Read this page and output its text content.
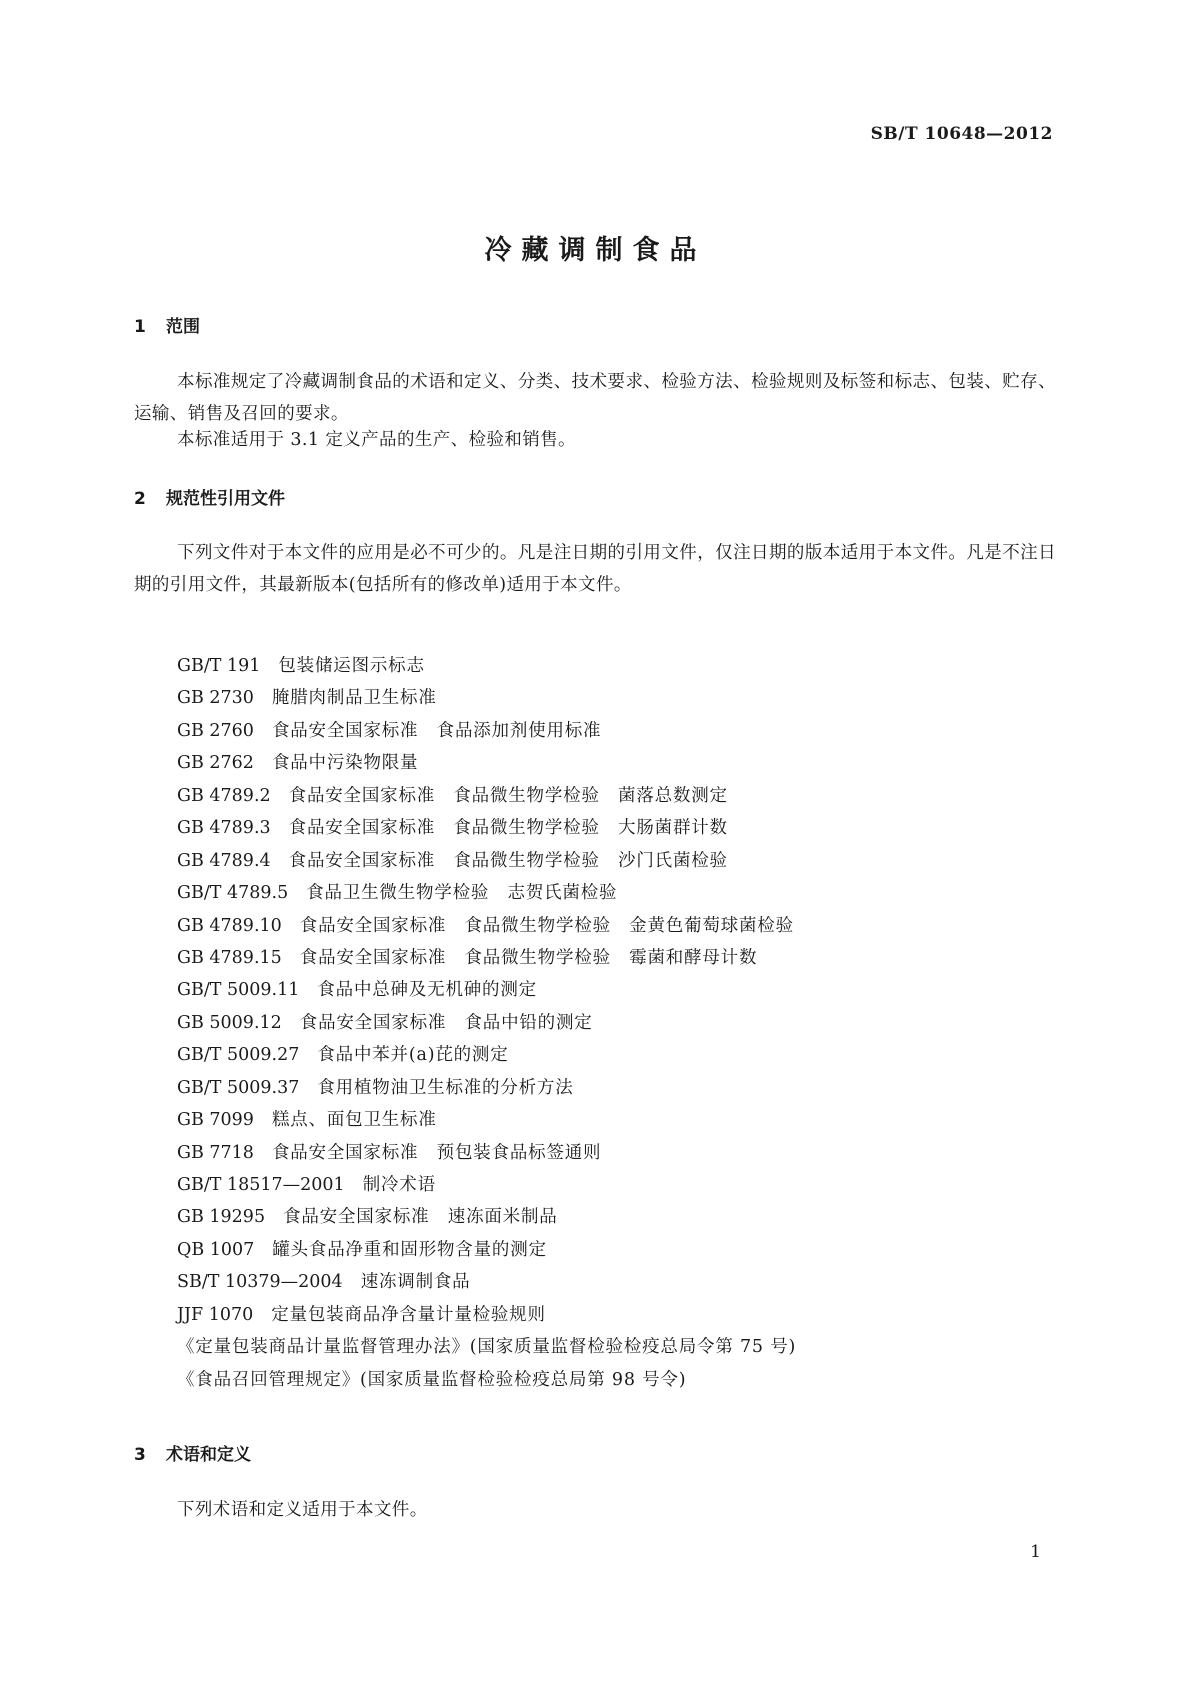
SB/T 10648—2012
冷藏调制食品
1 范围
本标准规定了冷藏调制食品的术语和定义、分类、技术要求、检验方法、检验规则及标签和标志、包装、贮存、运输、销售及召回的要求。
本标准适用于 3.1 定义产品的生产、检验和销售。
2 规范性引用文件
下列文件对于本文件的应用是必不可少的。凡是注日期的引用文件，仅注日期的版本适用于本文件。凡是不注日期的引用文件，其最新版本(包括所有的修改单)适用于本文件。
GB/T 191 包装储运图示标志
GB 2730 腌腊肉制品卫生标准
GB 2760 食品安全国家标准　食品添加剂使用标准
GB 2762 食品中污染物限量
GB 4789.2 食品安全国家标准　食品微生物学检验　菌落总数测定
GB 4789.3 食品安全国家标准　食品微生物学检验　大肠菌群计数
GB 4789.4 食品安全国家标准　食品微生物学检验　沙门氏菌检验
GB/T 4789.5 食品卫生微生物学检验　志贺氏菌检验
GB 4789.10 食品安全国家标准　食品微生物学检验　金黄色葡萄球菌检验
GB 4789.15 食品安全国家标准　食品微生物学检验　霉菌和酵母计数
GB/T 5009.11 食品中总砷及无机砷的测定
GB 5009.12 食品安全国家标准　食品中铅的测定
GB/T 5009.27 食品中苯并(a)芘的测定
GB/T 5009.37 食用植物油卫生标准的分析方法
GB 7099 糕点、面包卫生标准
GB 7718 食品安全国家标准　预包装食品标签通则
GB/T 18517—2001 制冷术语
GB 19295 食品安全国家标准　速冻面米制品
QB 1007 罐头食品净重和固形物含量的测定
SB/T 10379—2004 速冻调制食品
JJF 1070 定量包装商品净含量计量检验规则
《定量包装商品计量监督管理办法》(国家质量监督检验检疫总局令第 75 号)
《食品召回管理规定》(国家质量监督检验检疫总局第 98 号令)
3 术语和定义
下列术语和定义适用于本文件。
1
